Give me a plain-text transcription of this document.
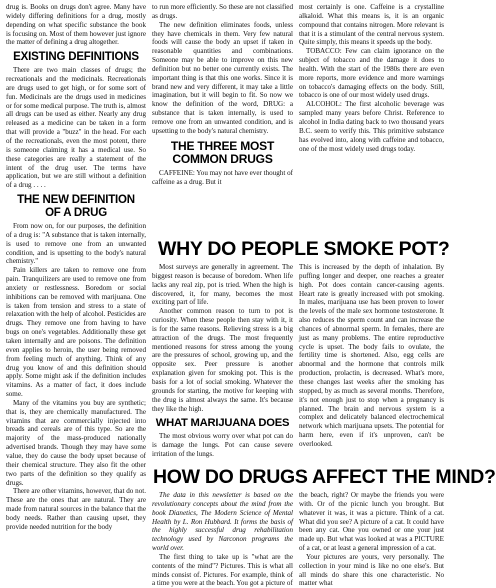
drug is. Books on drugs don't agree. Many have widely differing definitions for a drug, mostly depending on what specific substance the book is focusing on. Most of them however just ignore the matter of defining a drug altogether.

EXISTING DEFINITIONS

There are two main classes of drugs; the recreationals and the medicinals. Recreationals are drugs used to get high, or for some sort of fun. Medicinals are the drugs used in medicines or for some medical purpose. The truth is, almost all drugs can be used as either. Nearly any drug released as a medicine can be taken in a form that will provide a "buzz" in the head. For each of the recreationals, even the most potent, there is someone claiming it has a medical use. So these categories are really a statement of the intent of the drug user. The terms have application, but we are still without a definition of a drug . . . .

THE NEW DEFINITION OF A DRUG

From now on, for our purposes, the definition of a drug is: "A substance that is taken internally, is used to remove one from an unwanted condition, and is upsetting to the body's natural chemistry."

Pain killers are taken to remove one from pain. Tranquilizers are used to remove one from anxiety or restlessness. Boredom or social inhibitions can be removed with marijuana. One is taken from tension and stress to a state of relaxation with the help of alcohol. Pesticides are drugs. They remove one from having to have bugs on one's vegetables. Additionally these get taken internally and are poisons. The definition even applies to heroin, the user being removed from feeling much of anything. Think of any drug you know of and this definition should apply. Some might ask if the definition includes vitamins. As a matter of fact, it does include some.

Many of the vitamins you buy are synthetic; that is, they are chemically manufactured. The vitamins that are commercially injected into breads and cereals are of this type. So are the majority of the mass-produced nationally advertised brands. Though they may have some value, they do cause the body upset because of their chemical structure. They also fit the other two parts of the definition so they qualify as drugs.

There are other vitamins, however, that do not. These are the ones that are natural. They are made from natural sources in the balance that the body needs. Rather than causing upset, they provide needed nutrition for the body

to run more efficiently. So these are not classified as drugs.

The new definition eliminates foods, unless they have chemicals in them. Very few natural foods will cause the body an upset if taken in reasonable quantities and combinations. Someone may be able to improve on this new definition but no better one currently exists. The important thing is that this one works. Since it is brand new and very different, it may take a little imagination, but it will begin to fit. So now we know the definition of the word, DRUG: a substance that is taken internally, is used to remove one from an unwanted condition, and is upsetting to the body's natural chemistry.

THE THREE MOST COMMON DRUGS

CAFFEINE: You may not have ever thought of caffeine as a drug. But it

most certainly is one. Caffeine is a crystalline alkaloid. What this means is, it is an organic compound that contains nitrogen. More relevant is that it is a stimulant of the central nervous system. Quite simply, this means it speeds up the body.

TOBACCO: Few can claim ignorance on the subject of tobacco and the damage it does to health. With the start of the 1980s there are even more reports, more evidence and more warnings on tobacco's damaging effects on the body. Still, tobacco is one of our most widely used drugs.

ALCOHOL: The first alcoholic beverage was sampled many years before Christ. Reference to alcohol in India dating back to two thousand years B.C. seem to verify this. This primitive substance has evolved into, along with caffeine and tobacco, one of the most widely used drugs today.

WHY DO PEOPLE SMOKE POT?

Most surveys are generally in agreement. The biggest reason is because of boredom. When life lacks any real zip, pot is tried. When the high is discovered, it, for many, becomes the most exciting part of life.

Another common reason to turn to pot is curiosity. When these people then stay with it, it is for the same reasons. Relieving stress is a big attraction of the drugs. The most frequently mentioned reasons for stress among the young are the pressures of school, growing up, and the opposite sex. Peer pressure is another explanation given for smoking pot. This is the basis for a lot of social smoking. Whatever the grounds for starting, the motive for keeping with the drug is almost always the same. It's because they like the high.

WHAT MARIJUANA DOES

The most obvious worry over what pot can do is damage the lungs. Pot can cause severe irritation of the lungs.

This is increased by the depth of inhalation. By puffing longer and deeper, one reaches a greater high. Pot does contain cancer-causing agents. Heart rate is greatly increased with pot smoking. In males, marijuana use has been proven to lower the levels of the male sex hormone testosterone. It also reduces the sperm count and can increase the chances of abnormal sperm. In females, there are just as many problems. The entire reproductive cycle is upset. The body fails to ovulate, the fertility time is shortened. Also, egg cells are abnormal and the hormone that controls milk production, prolactin, is decreased. What's more, these changes last weeks after the smoking has stopped, by as much as several months. Therefore, it's not enough just to stop when a pregnancy is planned. The brain and nervous system is a complex and delicately balanced electrochemical network which marijuana upsets. The potential for harm here, even if it's unproven, can't be overlooked.

HOW DO DRUGS AFFECT THE MIND?

The data in this newsletter is based on the revolutionary concepts about the mind from the book Dianetics, The Modern Science of Mental Health by L. Ron Hubbard. It forms the basis of the highly successful drug rehabilitation technology used by Narconon programs the world over.

The first thing to take up is "what are the contents of the mind"? Pictures. This is what all minds consist of. Pictures. For example, think of a time you were at the beach. You got a picture of

the beach, right? Or maybe the friends you were with. Or of the picnic lunch you brought. But whatever it was, it was a picture. Think of a cat. What did you see? A picture of a cat. It could have been any cat. One you owned or one your just made up. But what was looked at was a PICTURE of a cat, or at least a general impression of a cat.

Your pictures are yours, very personally. The collection in your mind is like no one else's. But all minds do share this one characteristic. No matter what
